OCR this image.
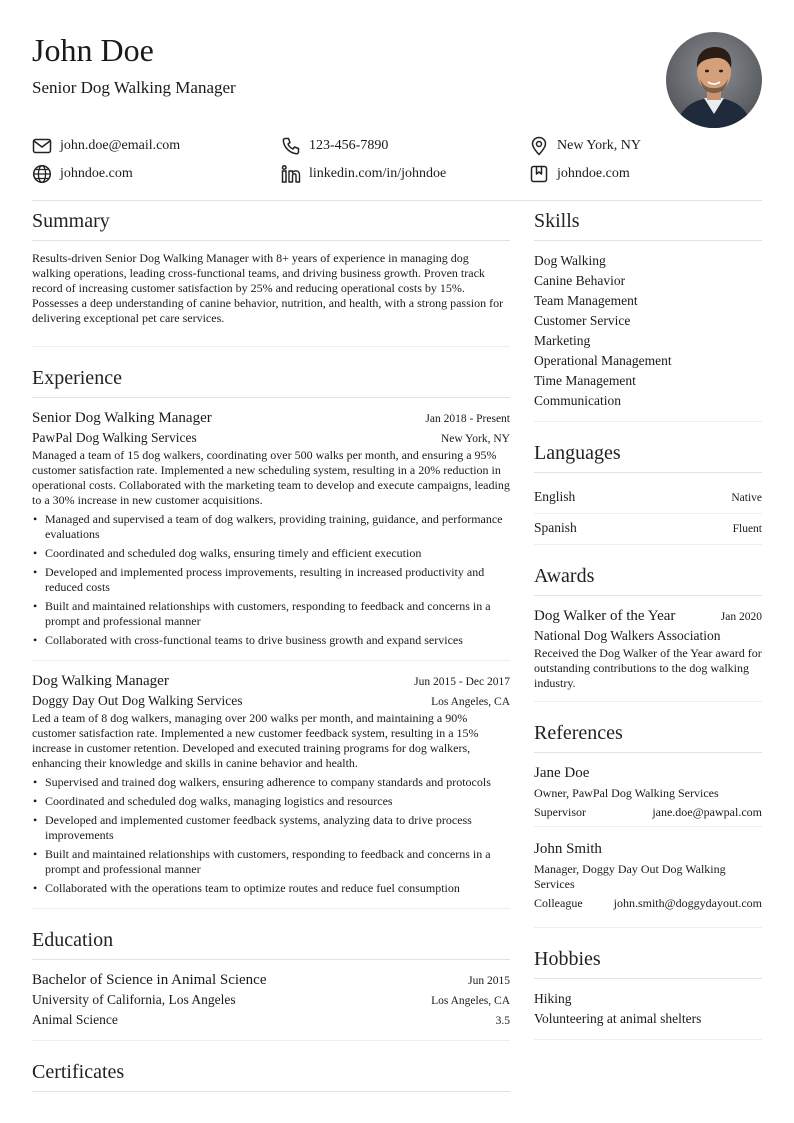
John Doe
Senior Dog Walking Manager
john.doe@email.com	123-456-7890	New York, NY
johndoe.com	linkedin.com/in/johndoe	johndoe.com
Summary
Results-driven Senior Dog Walking Manager with 8+ years of experience in managing dog walking operations, leading cross-functional teams, and driving business growth. Proven track record of increasing customer satisfaction by 25% and reducing operational costs by 15%. Possesses a deep understanding of canine behavior, nutrition, and health, with a strong passion for delivering exceptional pet care services.
Experience
Senior Dog Walking Manager	Jan 2018 - Present
PawPal Dog Walking Services	New York, NY
Managed a team of 15 dog walkers, coordinating over 500 walks per month, and ensuring a 95% customer satisfaction rate. Implemented a new scheduling system, resulting in a 20% reduction in operational costs. Collaborated with the marketing team to develop and execute campaigns, leading to a 30% increase in new customer acquisitions.
• Managed and supervised a team of dog walkers, providing training, guidance, and performance evaluations
• Coordinated and scheduled dog walks, ensuring timely and efficient execution
• Developed and implemented process improvements, resulting in increased productivity and reduced costs
• Built and maintained relationships with customers, responding to feedback and concerns in a prompt and professional manner
• Collaborated with cross-functional teams to drive business growth and expand services
Dog Walking Manager	Jun 2015 - Dec 2017
Doggy Day Out Dog Walking Services	Los Angeles, CA
Led a team of 8 dog walkers, managing over 200 walks per month, and maintaining a 90% customer satisfaction rate. Implemented a new customer feedback system, resulting in a 15% increase in customer retention. Developed and executed training programs for dog walkers, enhancing their knowledge and skills in canine behavior and health.
• Supervised and trained dog walkers, ensuring adherence to company standards and protocols
• Coordinated and scheduled dog walks, managing logistics and resources
• Developed and implemented customer feedback systems, analyzing data to drive process improvements
• Built and maintained relationships with customers, responding to feedback and concerns in a prompt and professional manner
• Collaborated with the operations team to optimize routes and reduce fuel consumption
Education
Bachelor of Science in Animal Science	Jun 2015
University of California, Los Angeles	Los Angeles, CA
Animal Science	3.5
Certificates
Skills
Dog Walking
Canine Behavior
Team Management
Customer Service
Marketing
Operational Management
Time Management
Communication
Languages
English	Native
Spanish	Fluent
Awards
Dog Walker of the Year	Jan 2020
National Dog Walkers Association
Received the Dog Walker of the Year award for outstanding contributions to the dog walking industry.
References
Jane Doe
Owner, PawPal Dog Walking Services
Supervisor	jane.doe@pawpal.com
John Smith
Manager, Doggy Day Out Dog Walking Services
Colleague	john.smith@doggydayout.com
Hobbies
Hiking
Volunteering at animal shelters
